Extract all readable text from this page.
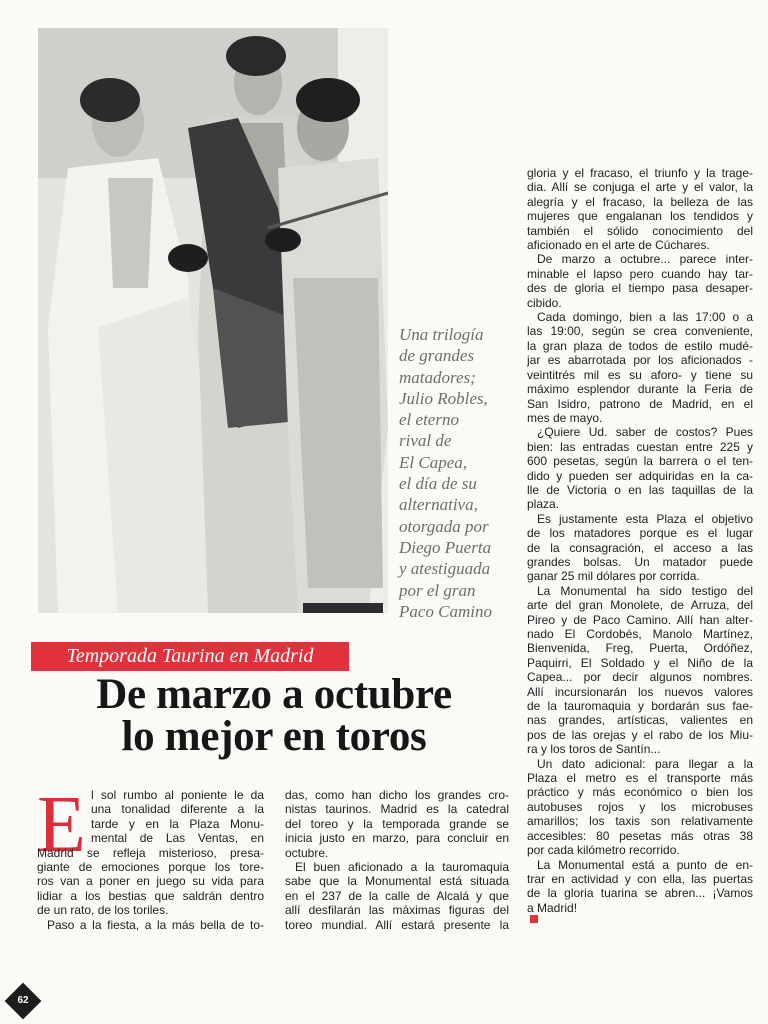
Una trilogía
de grandes
matadores;
Julio Robles,
el eterno
rival de
El Capea,
el día de su
alternativa,
otorgada por
Diego Puerta
y atestiguada
por el gran
Paco Camino
Temporada Taurina en Madrid
De marzo a octubre
lo mejor en toros
E l sol rumbo al poniente le da
una tonalidad diferente a la
tarde y en la Plaza Monu-
mental de Las Ventas, en
Madrid se refleja misterioso, presa-
giante de emociones porque los tore-
ros van a poner en juego su vida para
lidiar a los bestias que saldrán dentro
de un rato, de los toriles.
Paso a la fiesta, a la más bella de to-
das, como han dicho los grandes cro-
nistas taurinos. Madrid es la catedral
del toreo y la temporada grande se
inicia justo en marzo, para concluir en
octubre.
El buen aficionado a la tauromaquia
sabe que la Monumental está situada
en el 237 de la calle de Alcalá y que
allí desfilarán las máximas figuras del
toreo mundial. Allí estará presente la
gloria y el fracaso, el triunfo y la trage-
dia. Allí se conjuga el arte y el valor, la
alegría y el fracaso, la belleza de las
mujeres que engalanan los tendidos y
también el sólido conocimiento del
aficionado en el arte de Cúchares.
De marzo a octubre... parece inter-
minable el lapso pero cuando hay tar-
des de gloria el tiempo pasa desaper-
cibido.
Cada domingo, bien a las 17:00 o a
las 19:00, según se crea conveniente,
la gran plaza de todos de estilo mudé-
jar es abarrotada por los aficionados -
veintitrés mil es su aforo- y tiene su
máximo esplendor durante la Feria de
San Isidro, patrono de Madrid, en el
mes de mayo.
¿Quiere Ud. saber de costos? Pues
bien: las entradas cuestan entre 225 y
600 pesetas, según la barrera o el ten-
dido y pueden ser adquiridas en la ca-
lle de Victoria o en las taquillas de la
plaza.
Es justamente esta Plaza el objetivo
de los matadores porque es el lugar
de la consagración, el acceso a las
grandes bolsas. Un matador puede
ganar 25 mil dólares por corrida.
La Monumental ha sido testigo del
arte del gran Monolete, de Arruza, del
Pireo y de Paco Camino. Allí han alter-
nado El Cordobés, Manolo Martínez,
Bienvenida, Freg, Puerta, Ordóñez,
Paquirri, El Soldado y el Niño de la
Capea... por decir algunos nombres.
Allí incursionarán los nuevos valores
de la tauromaquia y bordarán sus fae-
nas grandes, artísticas, valientes en
pos de las orejas y el rabo de los Miu-
ra y los toros de Santín...
Un dato adicional: para llegar a la
Plaza el metro es el transporte más
práctico y más económico o bien los
autobuses rojos y los microbuses
amarillos; los taxis son relativamente
accesibles: 80 pesetas más otras 38
por cada kilómetro recorrido.
La Monumental está a punto de en-
trar en actividad y con ella, las puertas
de la gloria tuarina se abren... ¡Vamos
a Madrid!
62
